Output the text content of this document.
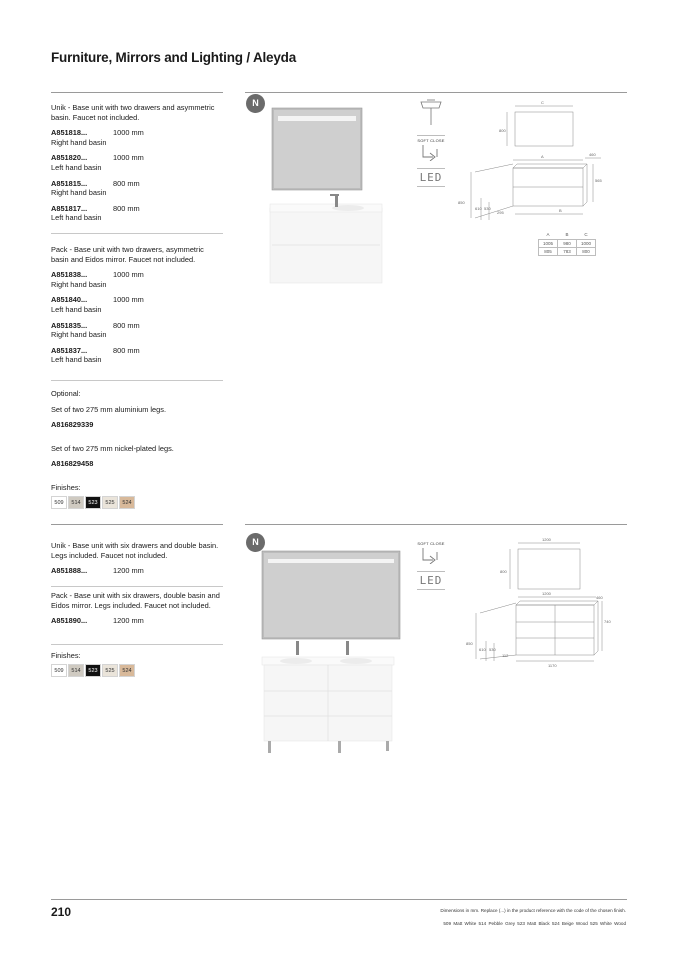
Furniture, Mirrors and Lighting / Aleyda
Unik - Base unit with two drawers and asymmetric basin. Faucet not included.
A851818...	1000 mm
Right hand basin
A851820...	1000 mm
Left hand basin
A851815...	800 mm
Right hand basin
A851817...	800 mm
Left hand basin
Pack - Base unit with two drawers, asymmetric basin and Eidos mirror. Faucet not included.
A851838...	1000 mm
Right hand basin
A851840...	1000 mm
Left hand basin
A851835...	800 mm
Right hand basin
A851837...	800 mm
Left hand basin
Optional:
Set of two 275 mm aluminium legs.
A816829339
Set of two 275 mm nickel-plated legs.
A816829458
Finishes:
509	514	523	525	524
N
SOFT CLOSE
LED
C
800
A	460
565
850
610 530
295	B
A	B	C
1005	980	1000
805	783	800
Unik - Base unit with six drawers and double basin. Legs included. Faucet not included.
A851888...	1200 mm
Pack - Base unit with six drawers, double basin and Eidos mirror. Legs included. Faucet not included.
A851890...	1200 mm
Finishes:
509	514	523	525	524
N	SOFT CLOSE
LED
1200
800
1200
460
740
850
610 530
112
1170
210	Dimensions in mm. Replace (...) in the product reference with the code of the chosen finish.
509 Matt White 514 Pebble Grey 523 Matt Black 524 Beige Wood 525 White Wood
